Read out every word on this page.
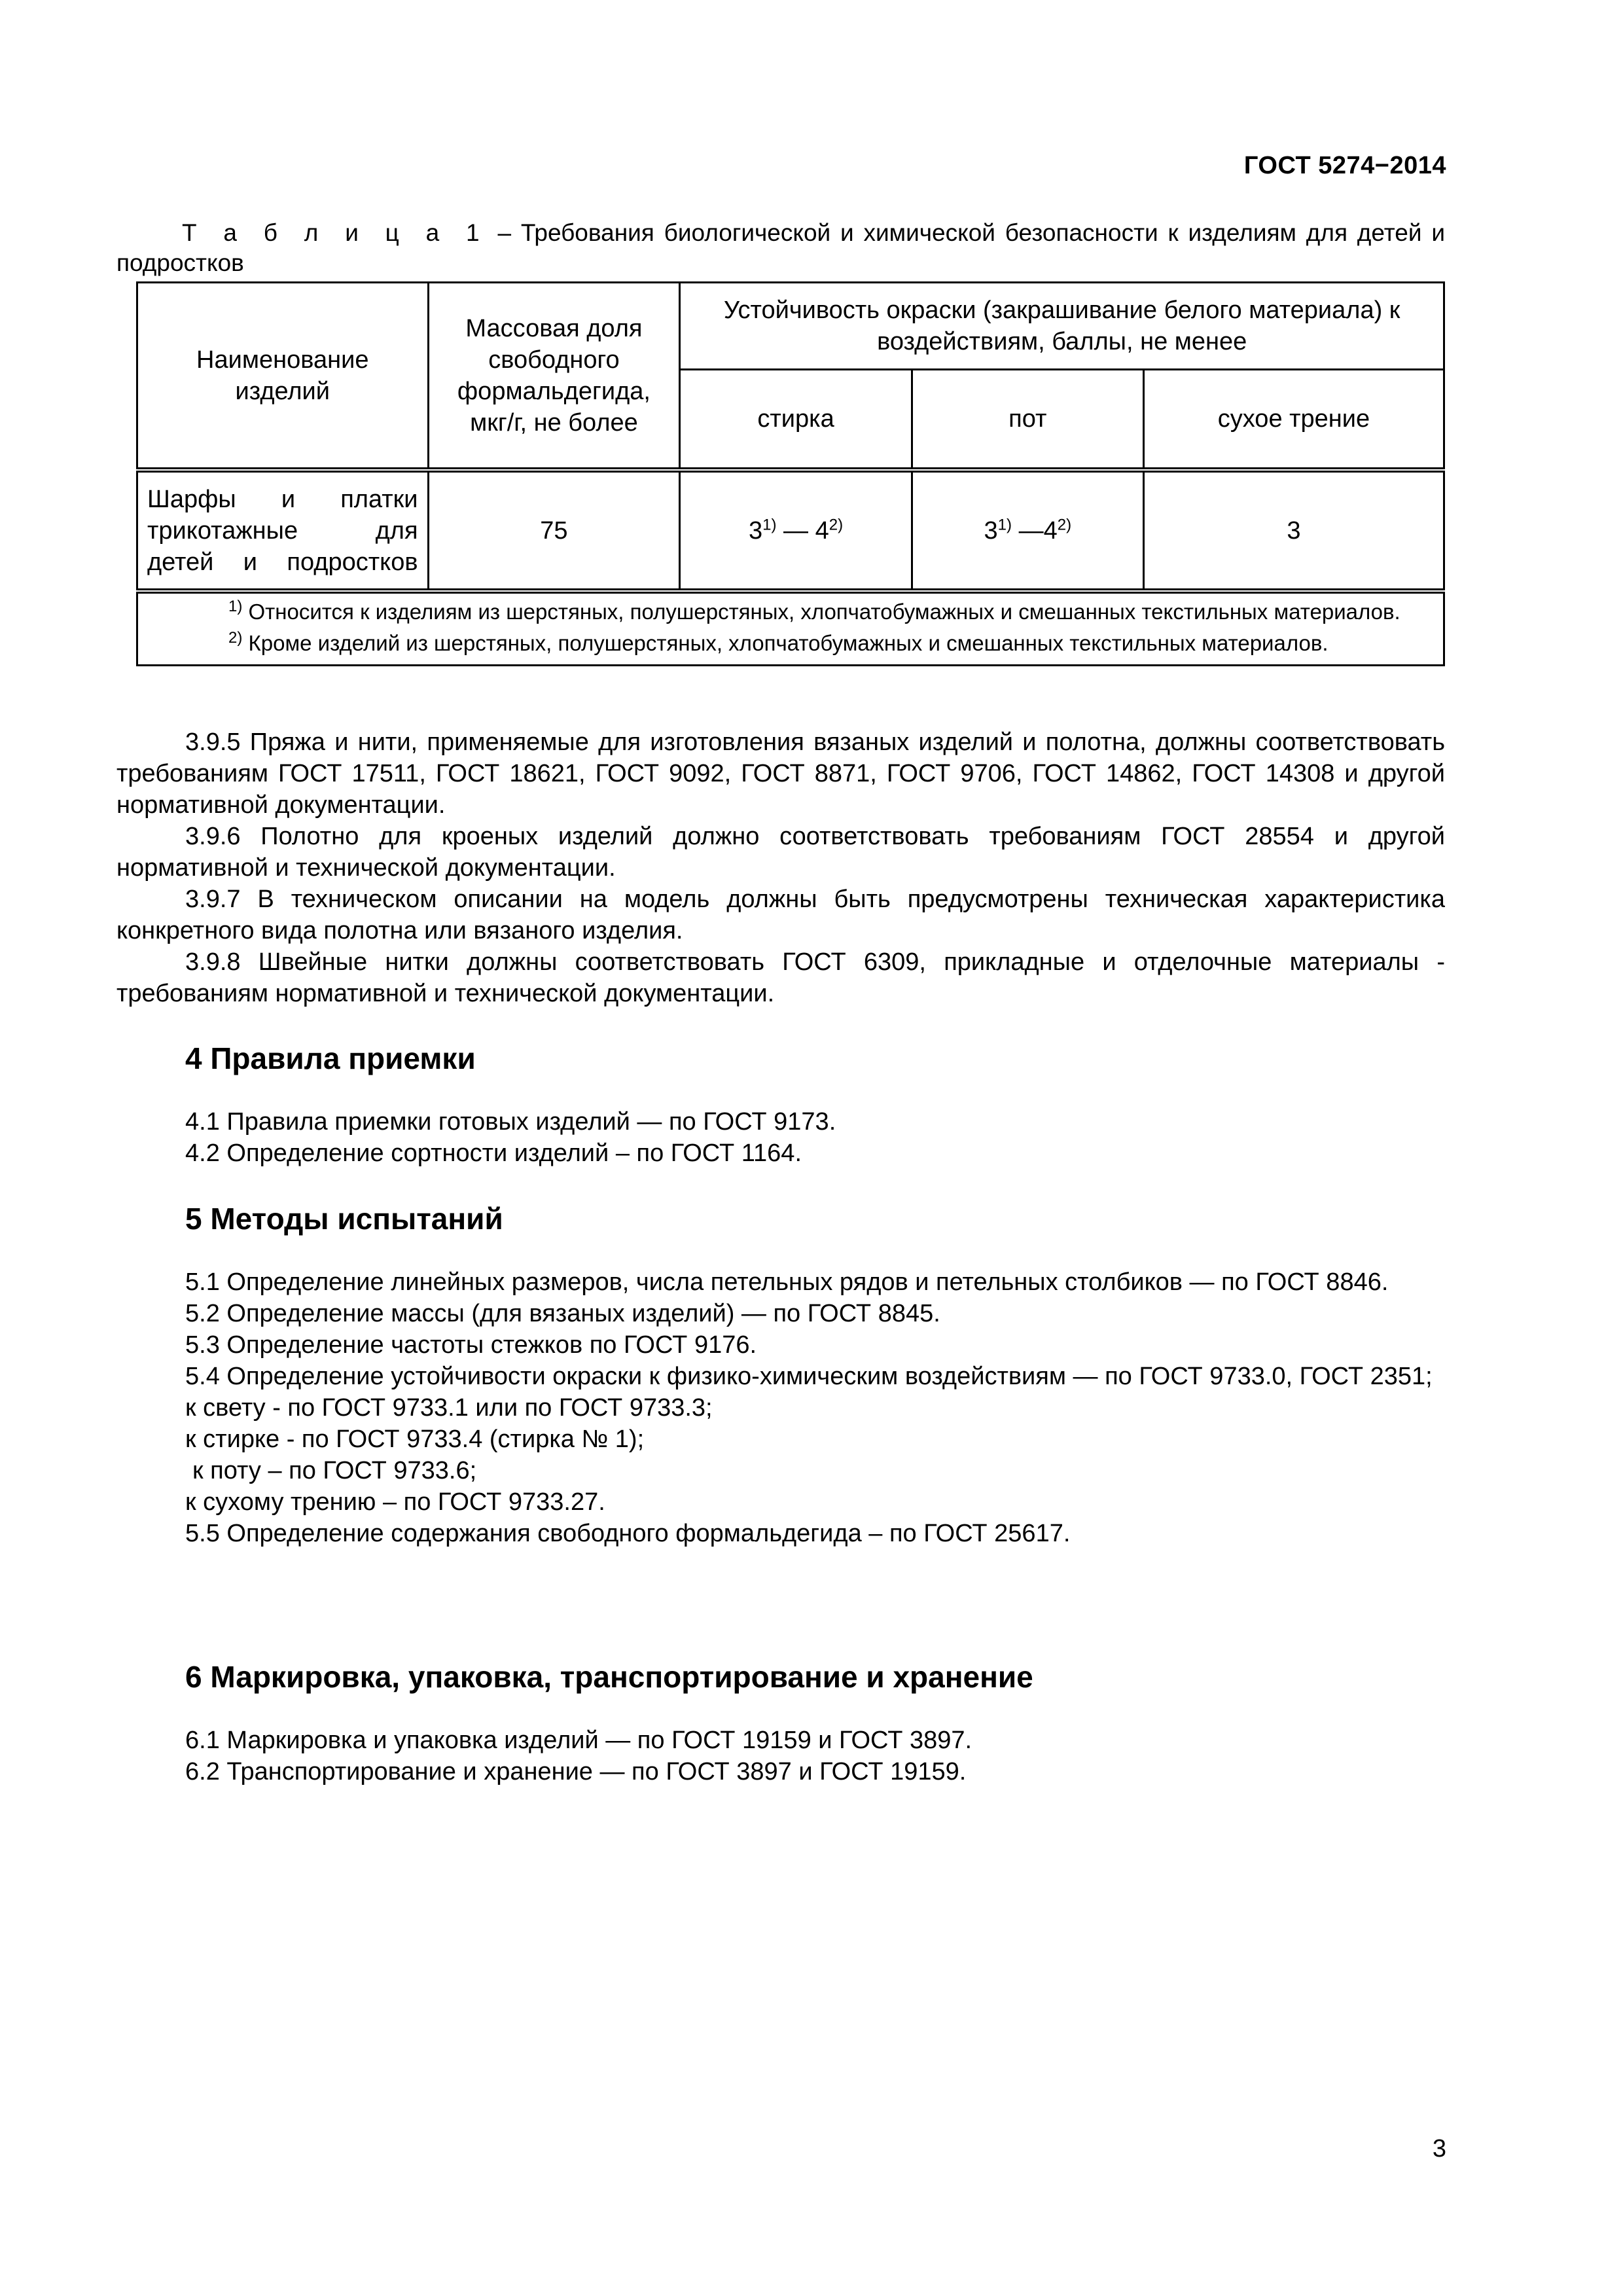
ГОСТ 5274−2014
Т а б л и ц а 1 – Требования биологической и химической безопасности к изделиям для детей и подростков
Наименование изделий	Массовая доля свободного формальдегида, мкг/г, не более	Устойчивость окраски (закрашивание белого материала) к воздействиям, баллы, не менее		
		стирка	пот	сухое трение
Шарфы и платки трикотажные для детей и подростков	75	3$^{1)}$ — 4$^{2)}$	3$^{1)}$ —4$^{2)}$	3

$^{1)}$ Относится к изделиям из шерстяных, полушерстяных, хлопчатобумажных и смешанных текстильных материалов.

$^{2)}$ Кроме изделий из шерстяных, полушерстяных, хлопчатобумажных и смешанных текстильных материалов.				

3.9.5 Пряжа и нити, применяемые для изготовления вязаных изделий и полотна, должны соответствовать требованиям ГОСТ 17511, ГОСТ 18621, ГОСТ 9092, ГОСТ 8871, ГОСТ 9706, ГОСТ 14862, ГОСТ 14308 и другой нормативной документации.

3.9.6 Полотно для кроеных изделий должно соответствовать требованиям ГОСТ 28554 и другой нормативной и технической документации.

3.9.7 В техническом описании на модель должны быть предусмотрены техническая характеристика конкретного вида полотна или вязаного изделия.

3.9.8 Швейные нитки должны соответствовать ГОСТ 6309, прикладные и отделочные материалы - требованиям нормативной и технической документации.

4 Правила приемки

4.1 Правила приемки готовых изделий — по ГОСТ 9173.

4.2 Определение сортности изделий – по ГОСТ 1164.

5 Методы испытаний

5.1 Определение линейных размеров, числа петельных рядов и петельных столбиков — по ГОСТ 8846.

5.2 Определение массы (для вязаных изделий) — по ГОСТ 8845.

5.3 Определение частоты стежков по ГОСТ 9176.

5.4 Определение устойчивости окраски к физико-химическим воздействиям — по ГОСТ 9733.0, ГОСТ 2351;

к свету - по ГОСТ 9733.1 или по ГОСТ 9733.3;

к стирке - по ГОСТ 9733.4 (стирка № 1);

к поту – по ГОСТ 9733.6;

к сухому трению – по ГОСТ 9733.27.

5.5 Определение содержания свободного формальдегида – по ГОСТ 25617.

6 Маркировка, упаковка, транспортирование и хранение

6.1 Маркировка и упаковка изделий — по ГОСТ 19159 и ГОСТ 3897.

6.2 Транспортирование и хранение — по ГОСТ 3897 и ГОСТ 19159.

3
